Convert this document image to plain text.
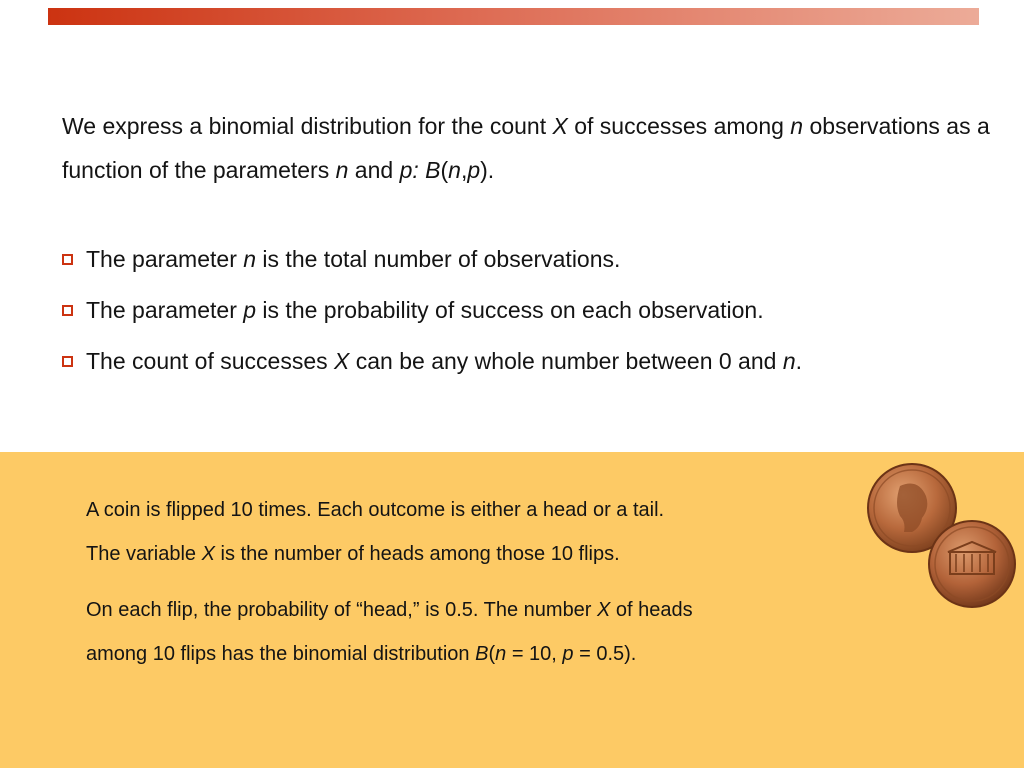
We express a binomial distribution for the count X of successes among n observations as a function of the parameters n and p: B(n,p).

The parameter n is the total number of observations.
The parameter p is the probability of success on each observation.
The count of successes X can be any whole number between 0 and n.

A coin is flipped 10 times. Each outcome is either a head or a tail.

The variable X is the number of heads among those 10 flips.

On each flip, the probability of “head,” is 0.5. The number X of heads

among 10 flips has the binomial distribution B(n = 10, p = 0.5).
